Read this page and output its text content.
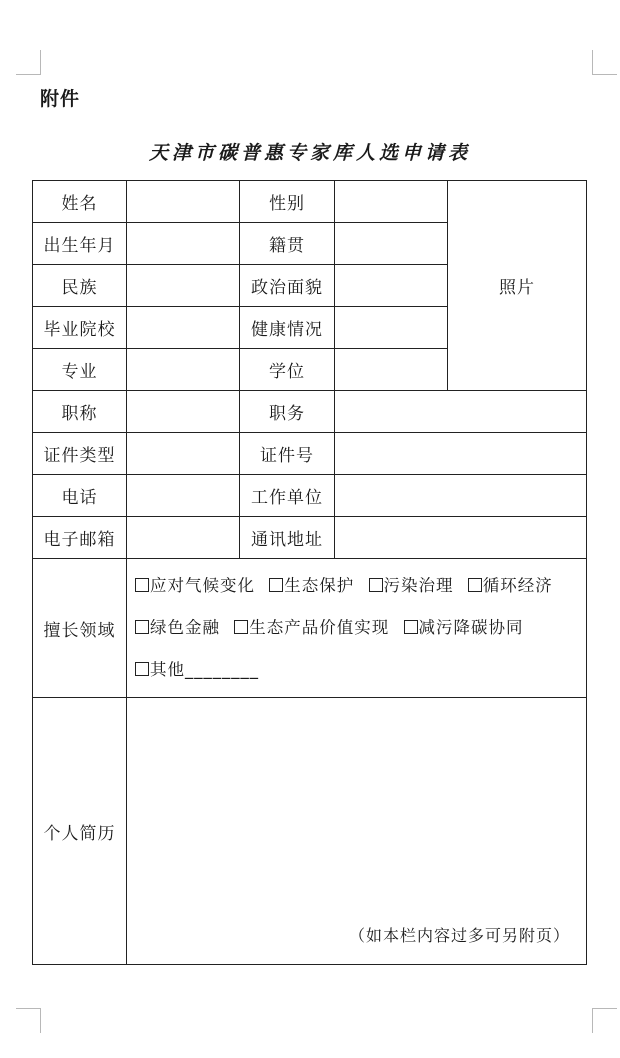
附件
天津市碳普惠专家库人选申请表
姓名		性别		照片
出生年月		籍贯		
民族		政治面貌		
毕业院校		健康情况		
专业		学位		
职称		职务		
证件类型		证件号		
电话		工作单位		
电子邮箱		通讯地址		
擅长领域	应对气候变化 生态保护 污染治理 循环经济
绿色金融 生态产品价值实现 减污降碳协同
其他________			

个人简历	（如本栏内容过多可另附页）			
